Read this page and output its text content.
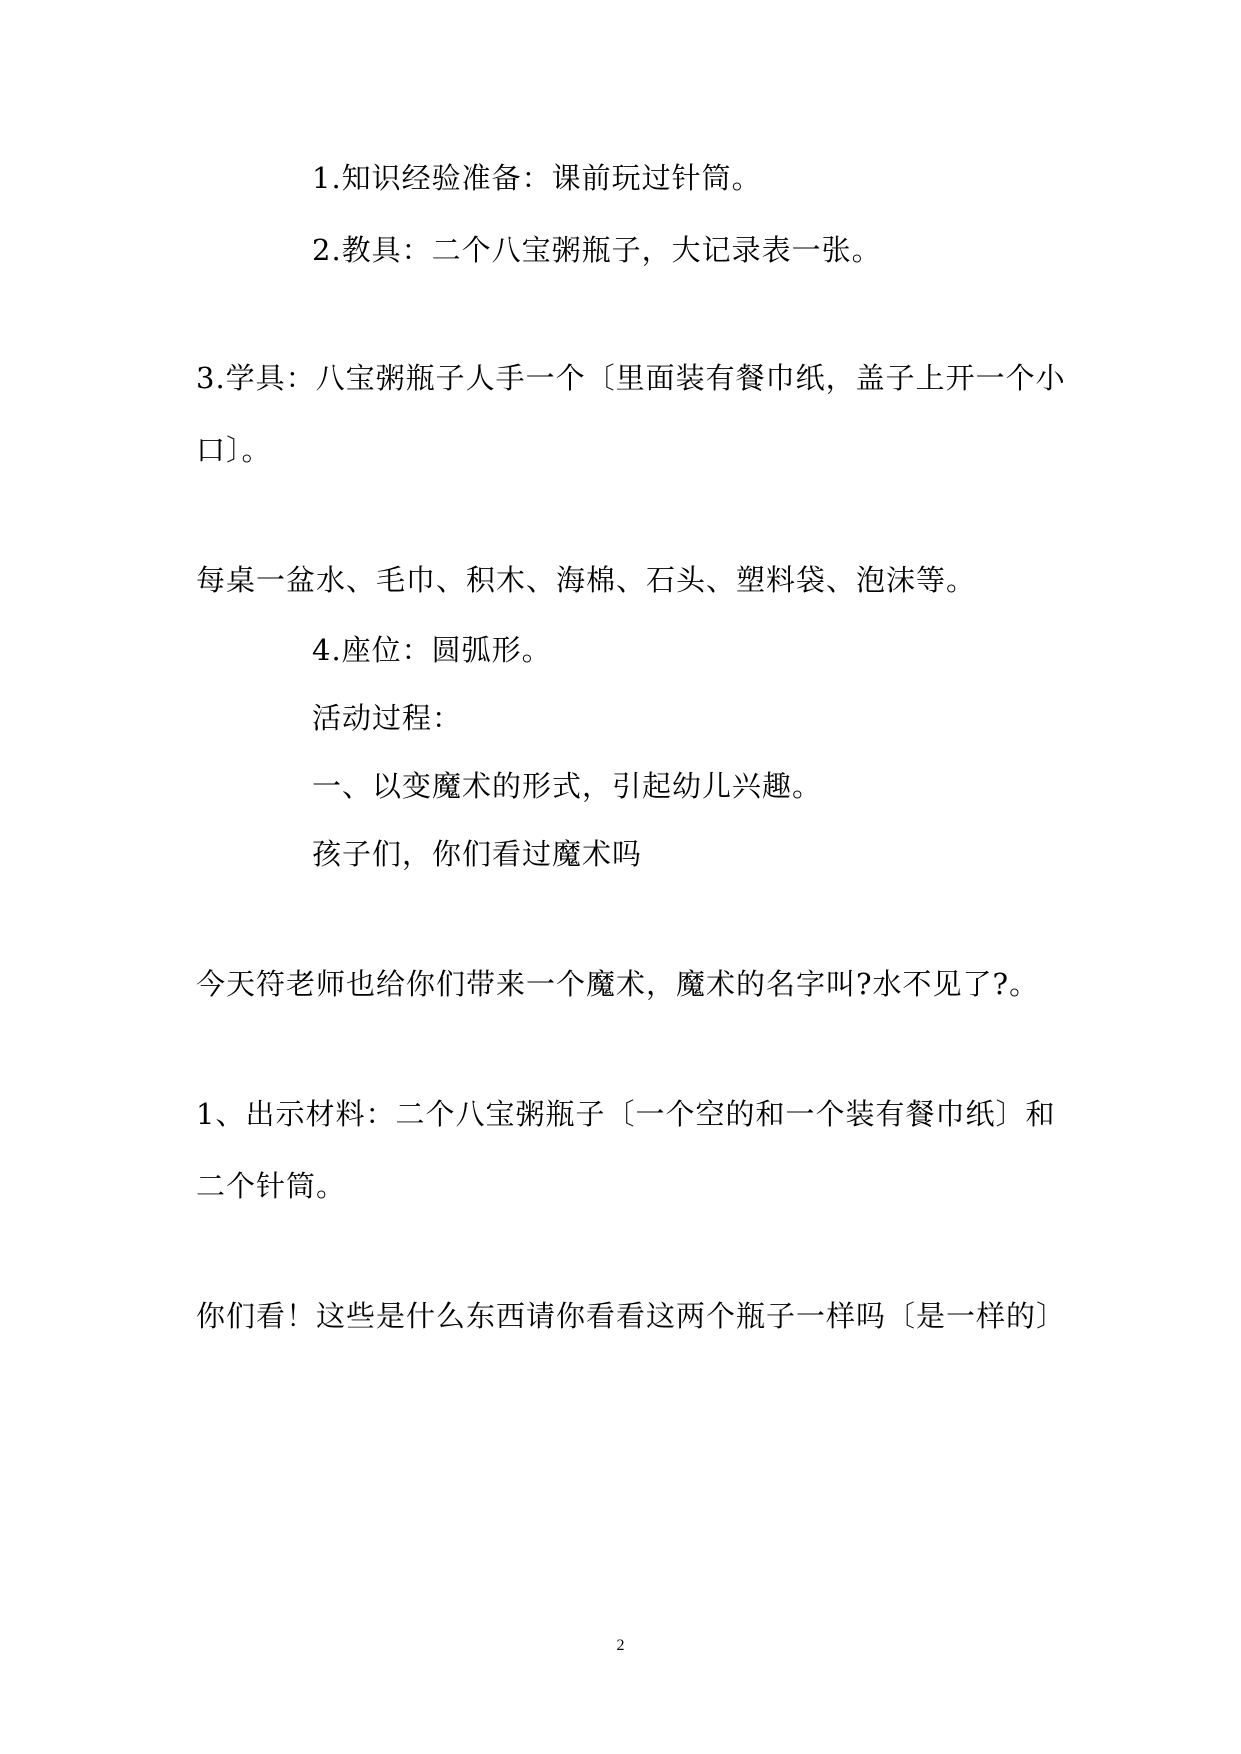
1.知识经验准备：课前玩过针筒。
2.教具：二个八宝粥瓶子，大记录表一张。
3.学具：八宝粥瓶子人手一个〔里面装有餐巾纸，盖子上开一个小
口〕。
每桌一盆水、毛巾、积木、海棉、石头、塑料袋、泡沫等。
4.座位：圆弧形。
活动过程：
一、以变魔术的形式，引起幼儿兴趣。
孩子们，你们看过魔术吗
今天符老师也给你们带来一个魔术，魔术的名字叫?水不见了?。
1、出示材料：二个八宝粥瓶子〔一个空的和一个装有餐巾纸〕和
二个针筒。
你们看！这些是什么东西请你看看这两个瓶子一样吗〔是一样的〕
2
